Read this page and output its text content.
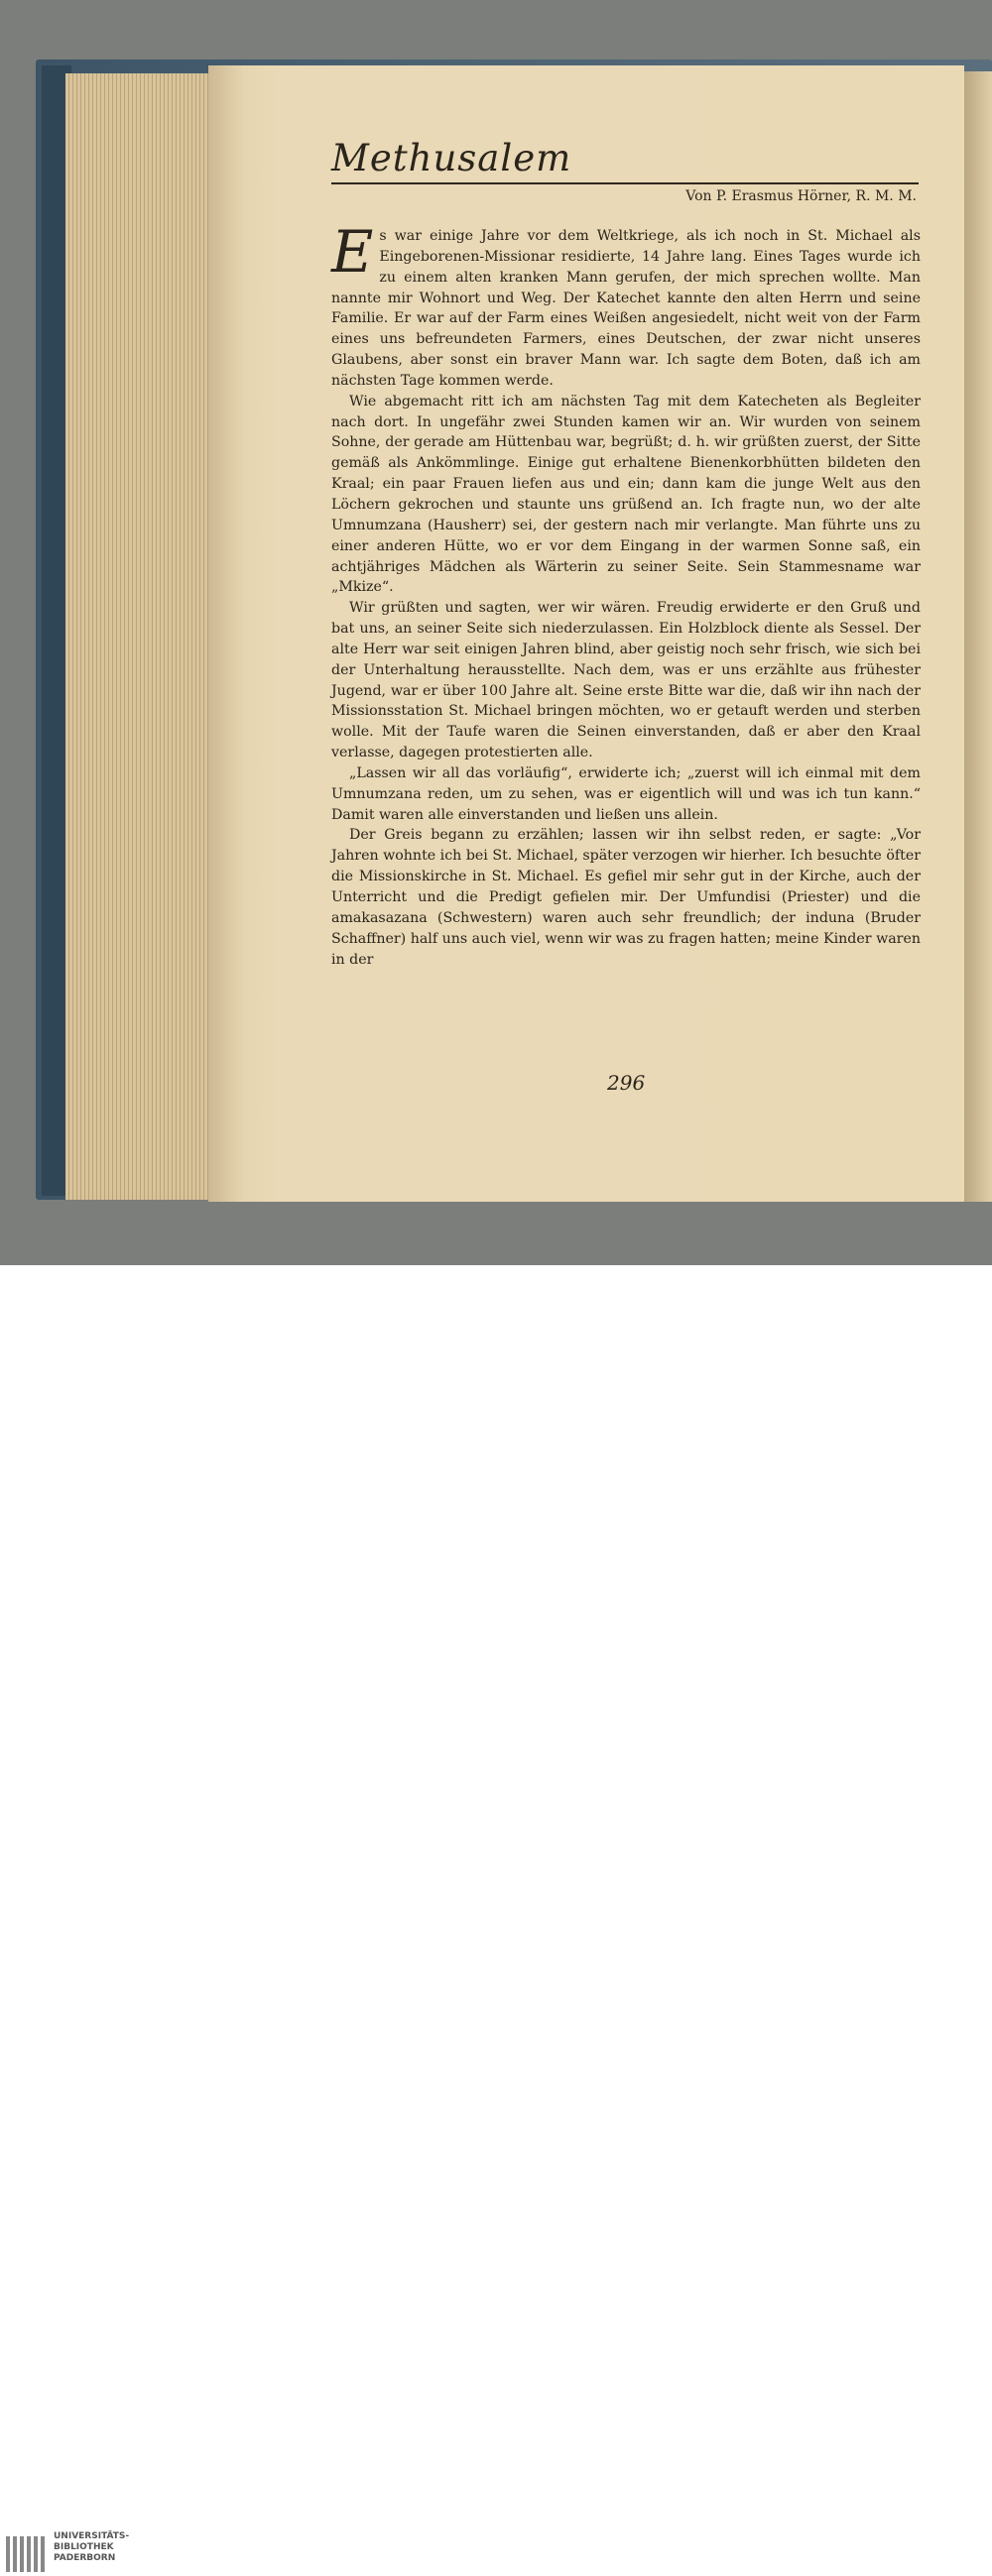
Methusalem
Von P. Erasmus Hörner, R. M. M.

Es war einige Jahre vor dem Weltkriege, als ich noch in St. Michael als Eingeborenen-Missionar residierte, 14 Jahre lang. Eines Tages wurde ich zu einem alten kranken Mann gerufen, der mich sprechen wollte. Man nannte mir Wohnort und Weg. Der Katechet kannte den alten Herrn und seine Familie. Er war auf der Farm eines Weißen angesiedelt, nicht weit von der Farm eines uns befreundeten Farmers, eines Deutschen, der zwar nicht unseres Glaubens, aber sonst ein braver Mann war. Ich sagte dem Boten, daß ich am nächsten Tage kommen werde.

Wie abgemacht ritt ich am nächsten Tag mit dem Katecheten als Begleiter nach dort. In ungefähr zwei Stunden kamen wir an. Wir wurden von seinem Sohne, der gerade am Hüttenbau war, begrüßt; d. h. wir grüßten zuerst, der Sitte gemäß als Ankömmlinge. Einige gut erhaltene Bienenkorbhütten bildeten den Kraal; ein paar Frauen liefen aus und ein; dann kam die junge Welt aus den Löchern gekrochen und staunte uns grüßend an. Ich fragte nun, wo der alte Umnumzana (Hausherr) sei, der gestern nach mir verlangte. Man führte uns zu einer anderen Hütte, wo er vor dem Eingang in der warmen Sonne saß, ein achtjähriges Mädchen als Wärterin zu seiner Seite. Sein Stammesname war „Mkize“.

Wir grüßten und sagten, wer wir wären. Freudig erwiderte er den Gruß und bat uns, an seiner Seite sich niederzulassen. Ein Holzblock diente als Sessel. Der alte Herr war seit einigen Jahren blind, aber geistig noch sehr frisch, wie sich bei der Unterhaltung herausstellte. Nach dem, was er uns erzählte aus frühester Jugend, war er über 100 Jahre alt. Seine erste Bitte war die, daß wir ihn nach der Missionsstation St. Michael bringen möchten, wo er getauft werden und sterben wolle. Mit der Taufe waren die Seinen einverstanden, daß er aber den Kraal verlasse, dagegen protestierten alle.

„Lassen wir all das vorläufig“, erwiderte ich; „zuerst will ich einmal mit dem Umnumzana reden, um zu sehen, was er eigentlich will und was ich tun kann.“ Damit waren alle einverstanden und ließen uns allein.

Der Greis begann zu erzählen; lassen wir ihn selbst reden, er sagte: „Vor Jahren wohnte ich bei St. Michael, später verzogen wir hierher. Ich besuchte öfter die Missionskirche in St. Michael. Es gefiel mir sehr gut in der Kirche, auch der Unterricht und die Predigt gefielen mir. Der Umfundisi (Priester) und die amakasazana (Schwestern) waren auch sehr freundlich; der induna (Bruder Schaffner) half uns auch viel, wenn wir was zu fragen hatten; meine Kinder waren in der

296
UNIVERSITÄTS-
BIBLIOTHEK
PADERBORN
